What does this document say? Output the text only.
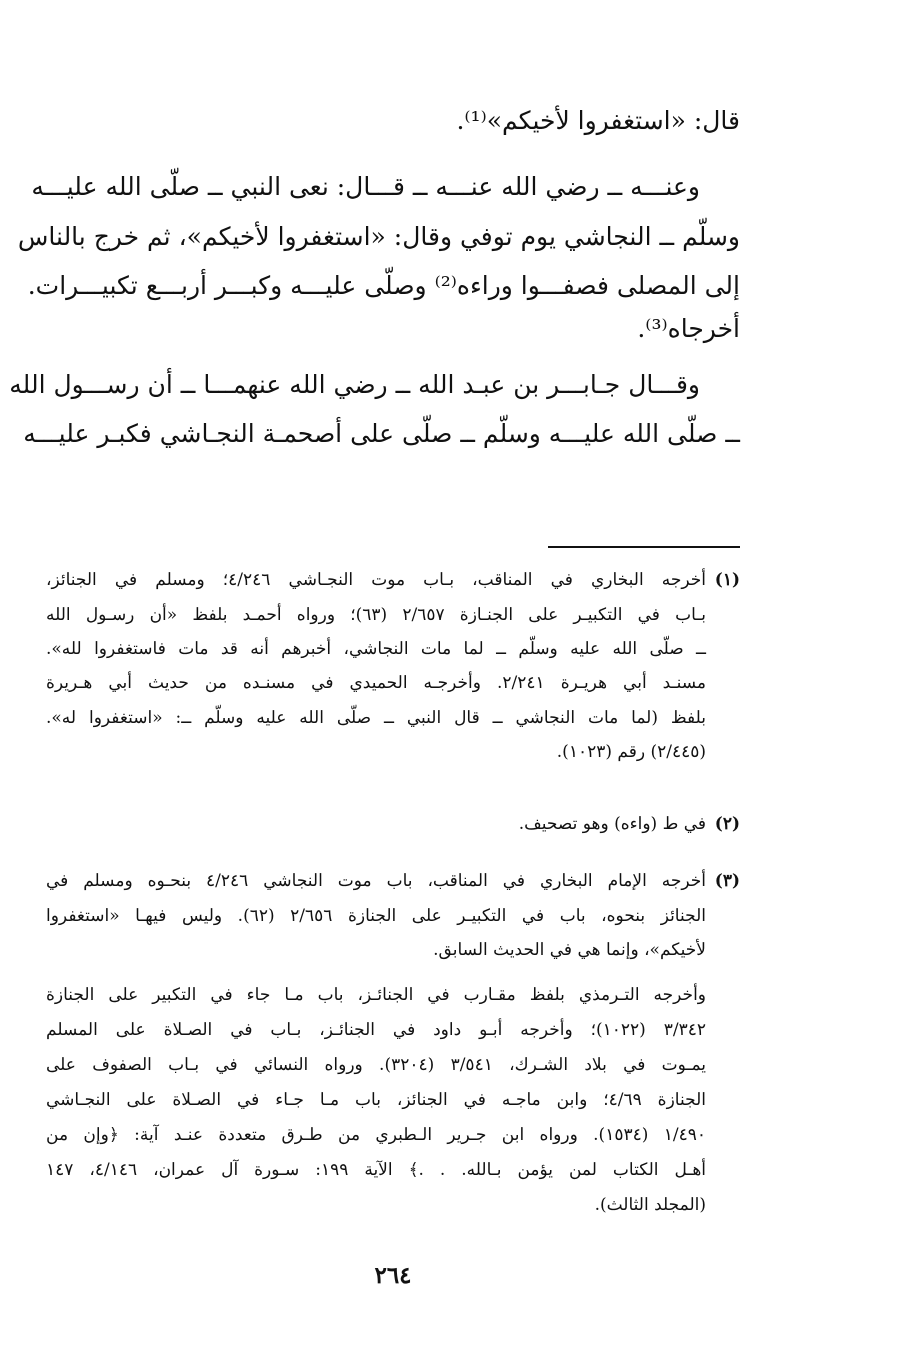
قال: «استغفروا لأخيكم»⁽¹⁾.
وعنـــه ــ رضي الله عنـــه ــ قـــال: نعى النبي ــ صلّى الله عليـــه
وسلّم ــ النجاشي يوم توفي وقال: «استغفروا لأخيكم»، ثم خرج بالناس
إلى المصلى فصفـــوا وراءه⁽²⁾ وصلّى عليـــه وكبـــر أربـــع تكبيـــرات.
أخرجاه⁽³⁾.
وقـــال جـابـــر بن عبـد الله ــ رضي الله عنهمـــا ــ أن رســـول الله
ــ صلّى الله عليـــه وسلّم ــ صلّى على أصحمـة النجـاشي فكبـر عليـــه
(١)
أخرجه البخاري في المناقب، بـاب موت النجـاشي ٤/٢٤٦؛ ومسلم في الجنائز،
بـاب في التكبيـر على الجنـازة ٢/٦٥٧ (٦٣)؛ ورواه أحمـد بلفظ «أن رسـول الله
ــ صلّى الله عليه وسلّم ــ لما مات النجاشي، أخبرهم أنه قد مات فاستغفروا لله».
مسنـد أبي هريـرة ٢/٢٤١. وأخرجـه الحميدي في مسنـده من حديث أبي هـريرة
بلفظ (لما مات النجاشي ــ قال النبي ــ صلّى الله عليه وسلّم ــ: «استغفروا له».
(٢/٤٤٥) رقم (١٠٢٣).
(٢)
في ط (واءه) وهو تصحيف.
(٣)
أخرجه الإمام البخاري في المناقب، باب موت النجاشي ٤/٢٤٦ بنحـوه ومسلم في
الجنائز بنحوه، باب في التكبيـر على الجنازة ٢/٦٥٦ (٦٢). وليس فيهـا «استغفروا
لأخيكم»، وإنما هي في الحديث السابق.
وأخرجه التـرمذي بلفظ مقـارب في الجنائـز، باب مـا جاء في التكبير على الجنازة
٣/٣٤٢ (١٠٢٢)؛ وأخرجه أبـو داود في الجنائـز، بـاب في الصـلاة على المسلم
يمـوت في بلاد الشـرك، ٣/٥٤١ (٣٢٠٤). ورواه النسائي في بـاب الصفوف على
الجنازة ٤/٦٩؛ وابن ماجـه في الجنائز، باب مـا جـاء في الصـلاة على النجـاشي
١/٤٩٠ (١٥٣٤). ورواه ابن جـرير الـطبري من طـرق متعددة عنـد آية: ﴿وإن من
أهـل الكتاب لمن يؤمن بـالله. . .﴾ الآية ١٩٩: سـورة آل عمران، ٤/١٤٦، ١٤٧
(المجلد الثالث).
٢٦٤
